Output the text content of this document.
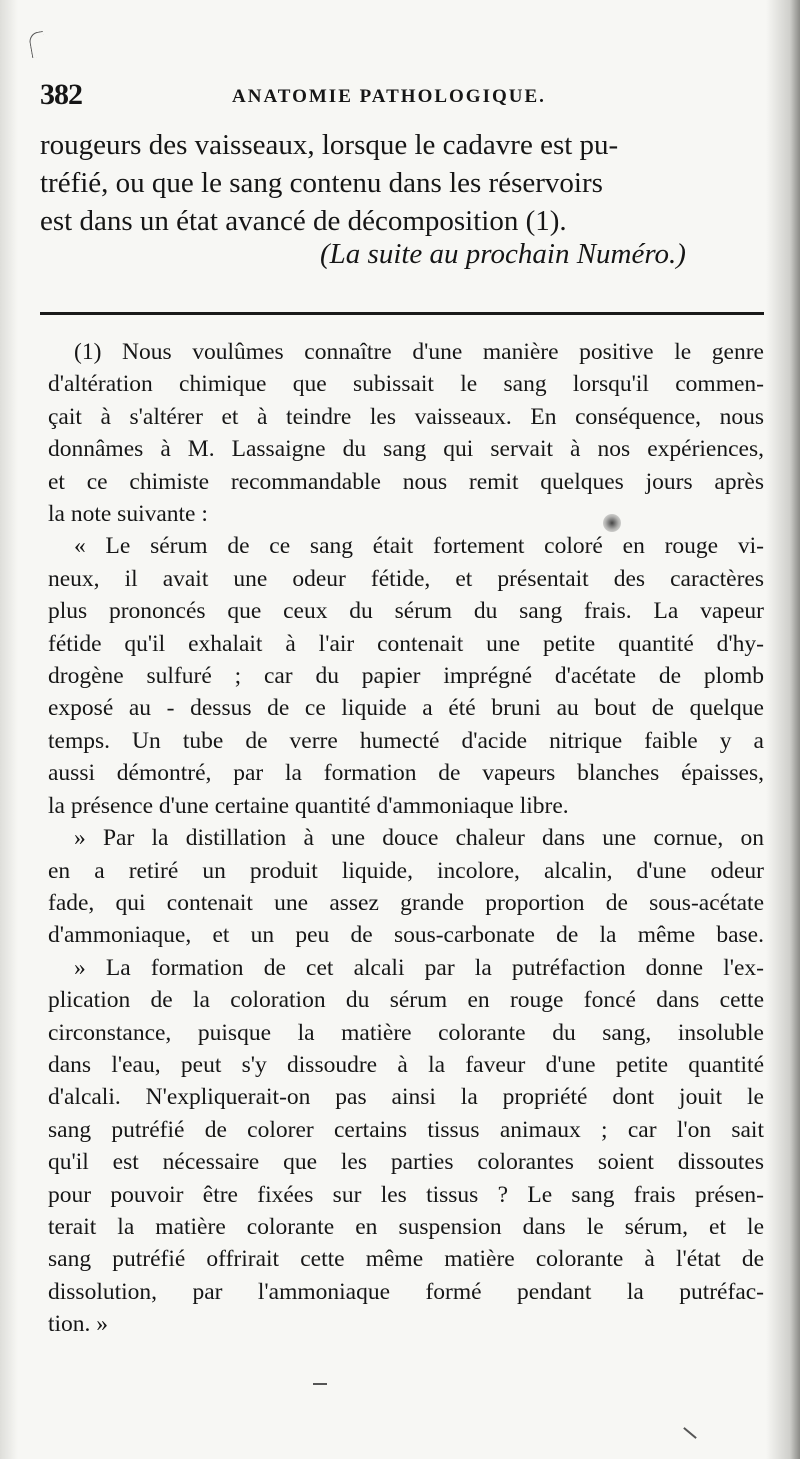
382	ANATOMIE PATHOLOGIQUE.
rougeurs des vaisseaux, lorsque le cadavre est pu-
tréfié, ou que le sang contenu dans les réservoirs
est dans un état avancé de décomposition (1).
(La suite au prochain Numéro.)
(1) Nous voulûmes connaître d'une manière positive le genre
d'altération chimique que subissait le sang lorsqu'il commen-
çait à s'altérer et à teindre les vaisseaux. En conséquence, nous
donnâmes à M. Lassaigne du sang qui servait à nos expériences,
et ce chimiste recommandable nous remit quelques jours après
la note suivante :
« Le sérum de ce sang était fortement coloré en rouge vi-
neux, il avait une odeur fétide, et présentait des caractères
plus prononcés que ceux du sérum du sang frais. La vapeur
fétide qu'il exhalait à l'air contenait une petite quantité d'hy-
drogène sulfuré ; car du papier imprégné d'acétate de plomb
exposé au - dessus de ce liquide a été bruni au bout de quelque
temps. Un tube de verre humecté d'acide nitrique faible y a
aussi démontré, par la formation de vapeurs blanches épaisses,
la présence d'une certaine quantité d'ammoniaque libre.
» Par la distillation à une douce chaleur dans une cornue, on
en a retiré un produit liquide, incolore, alcalin, d'une odeur
fade, qui contenait une assez grande proportion de sous-acétate
d'ammoniaque, et un peu de sous-carbonate de la même base.
» La formation de cet alcali par la putréfaction donne l'ex-
plication de la coloration du sérum en rouge foncé dans cette
circonstance, puisque la matière colorante du sang, insoluble
dans l'eau, peut s'y dissoudre à la faveur d'une petite quantité
d'alcali. N'expliquerait-on pas ainsi la propriété dont jouit le
sang putréfié de colorer certains tissus animaux ; car l'on sait
qu'il est nécessaire que les parties colorantes soient dissoutes
pour pouvoir être fixées sur les tissus ? Le sang frais présen-
terait la matière colorante en suspension dans le sérum, et le
sang putréfié offrirait cette même matière colorante à l'état de
dissolution, par l'ammoniaque formé pendant la putréfac-
tion. »
